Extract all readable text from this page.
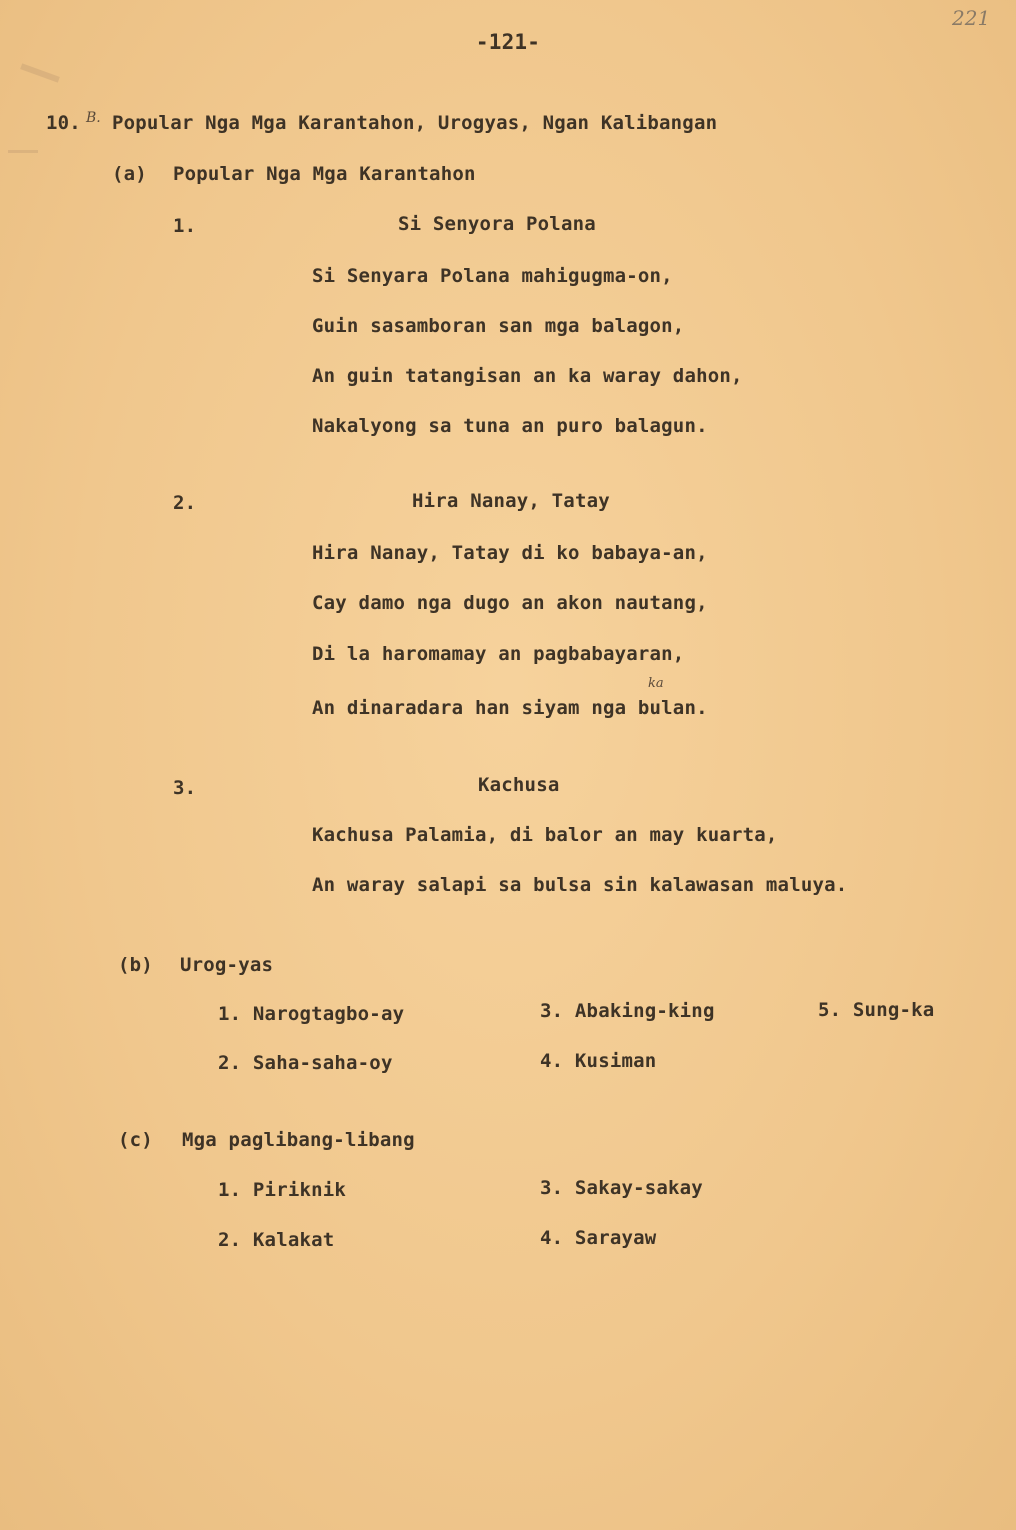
-121-
221
10. B. Popular Nga Mga Karantahon, Urogyas, Ngan Kalibangan
(a) Popular Nga Mga Karantahon
1.	Si Senyora Polana
Si Senyara Polana mahigugma-on,
Guin sasamboran san mga balagon,
An guin tatangisan an ka waray dahon,
Nakalyong sa tuna an puro balagun.
2.	Hira Nanay, Tatay
Hira Nanay, Tatay di ko babaya-an,
Cay damo nga dugo an akon nautang,
Di la haromamay an pagbabayaran,
An dinaradara han siyam nga bulan.
ka
3.	Kachusa
Kachusa Palamia, di balor an may kuarta,
An waray salapi sa bulsa sin kalawasan maluya.
(b) Urog-yas
1. Narogtagbo-ay
2. Saha-saha-oy
3. Abaking-king
4. Kusiman
5. Sung-ka
(c) Mga paglibang-libang
1. Piriknik
2. Kalakat
3. Sakay-sakay
4. Sarayaw
